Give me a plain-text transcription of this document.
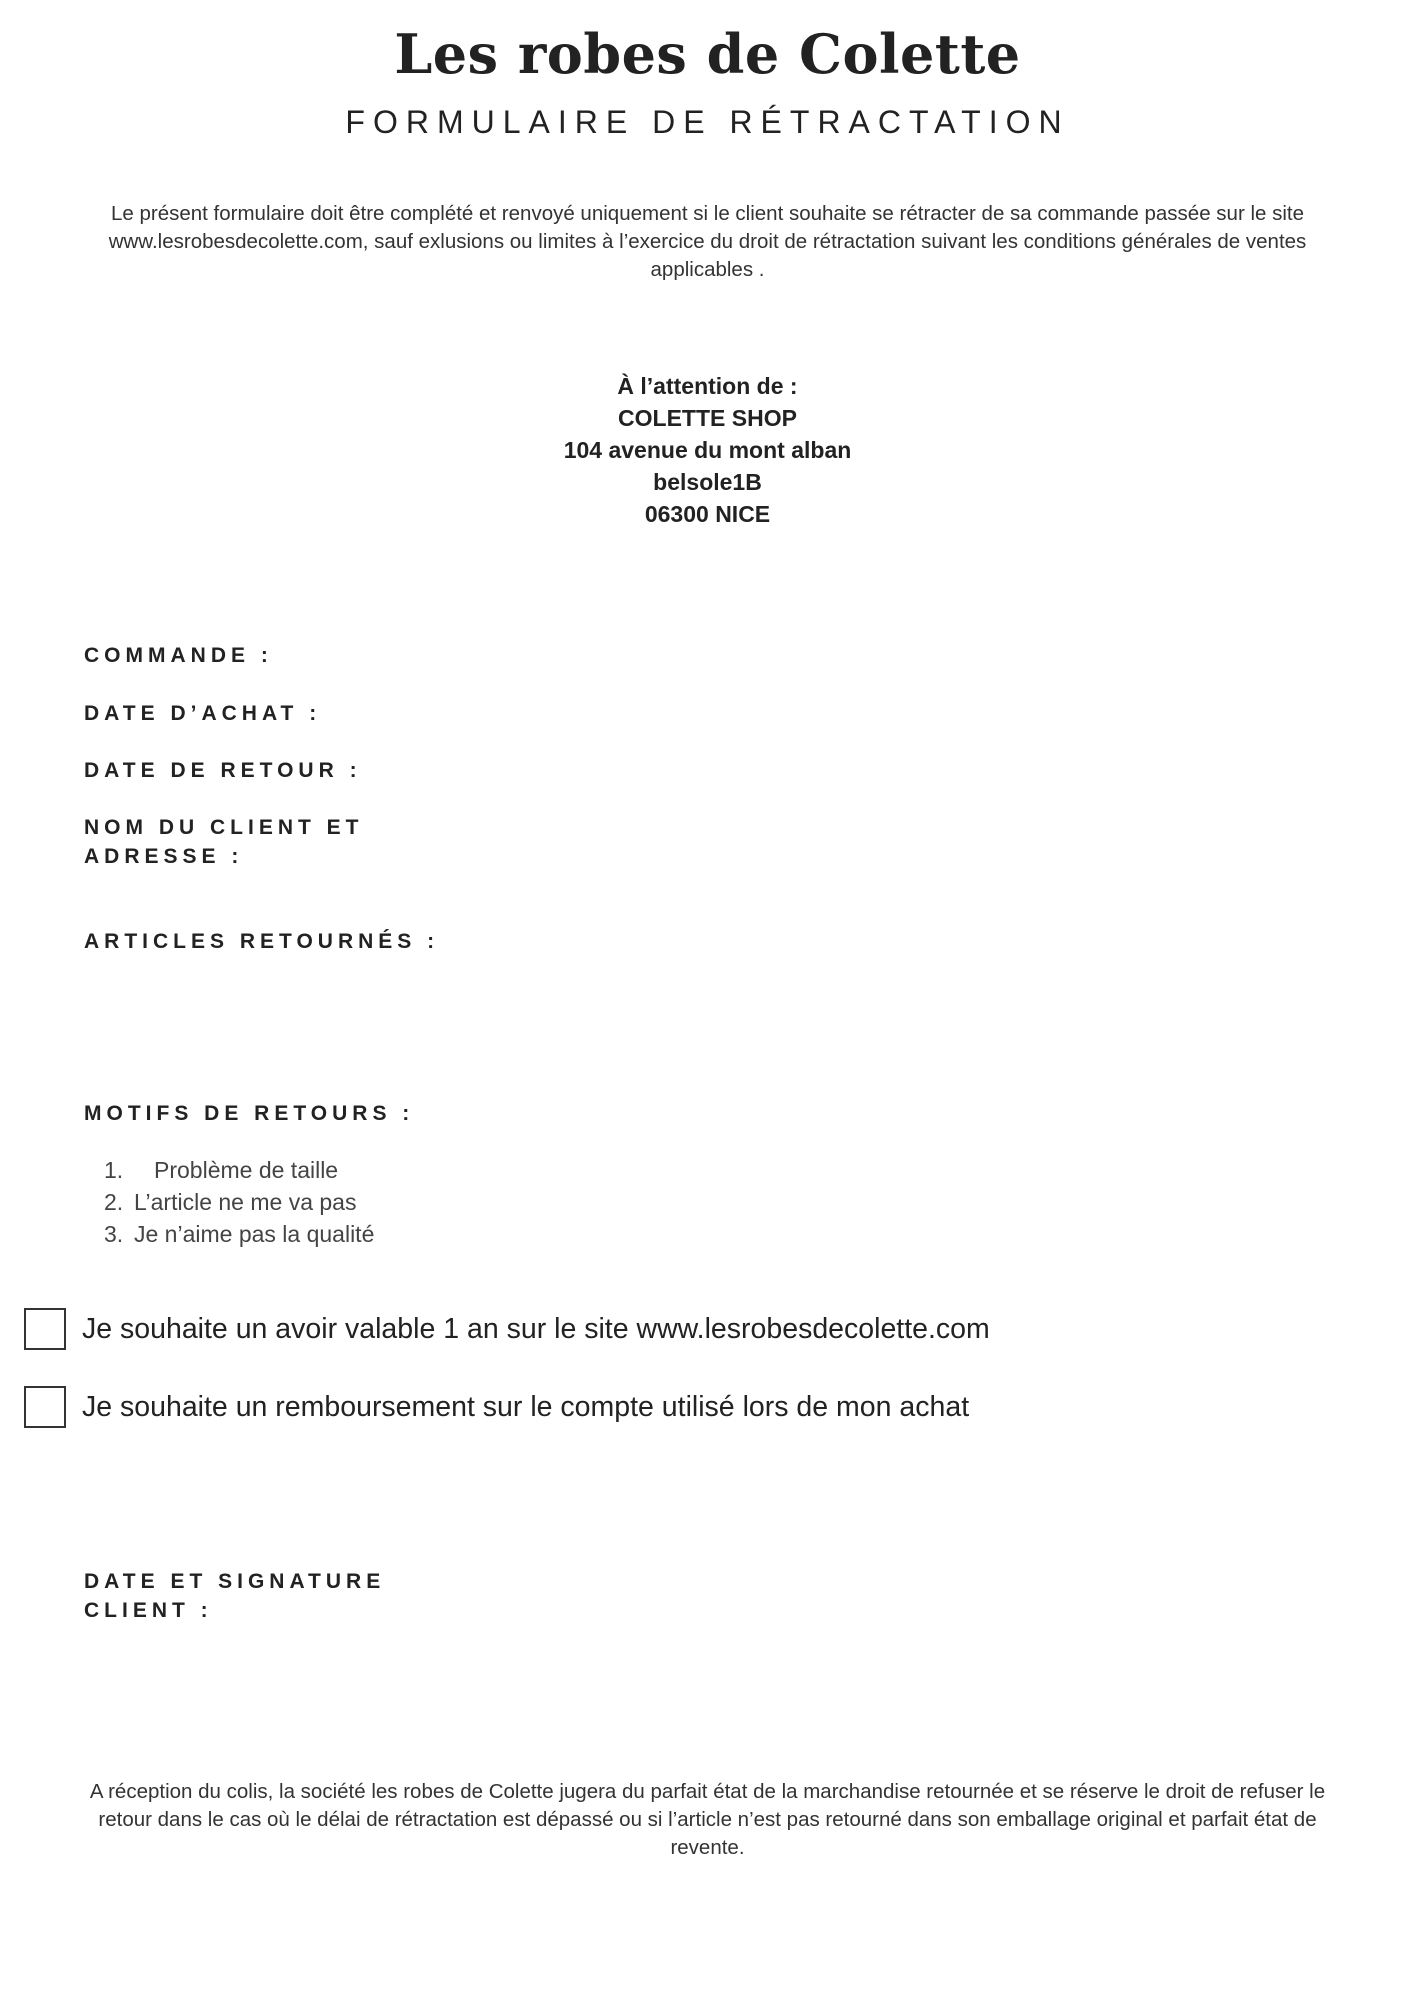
Les robes de Colette
FORMULAIRE DE RÉTRACTATION
Le présent formulaire doit être complété et renvoyé uniquement si le client souhaite se rétracter de sa commande passée sur le site www.lesrobesdecolette.com, sauf exlusions ou limites à l’exercice du droit de rétractation suivant les conditions générales de ventes applicables .
À l’attention de :
COLETTE SHOP
104 avenue du mont alban
belsole1B
06300 NICE
COMMANDE :
DATE D’ACHAT :
DATE DE RETOUR :
NOM DU CLIENT ET ADRESSE :
ARTICLES RETOURNÉS :
MOTIFS DE RETOURS :
1.	Problème de taille
2. L’article ne me va pas
3. Je n’aime pas la qualité
Je souhaite un avoir valable 1 an sur le site www.lesrobesdecolette.com
Je souhaite un remboursement sur le compte utilisé lors de mon achat
DATE ET SIGNATURE CLIENT :
A réception du colis, la société les robes de Colette jugera du parfait état de la marchandise retournée et se réserve le droit de refuser le retour dans le cas où le délai de rétractation est dépassé ou si l’article n’est pas retourné dans son emballage original et parfait état de revente.
